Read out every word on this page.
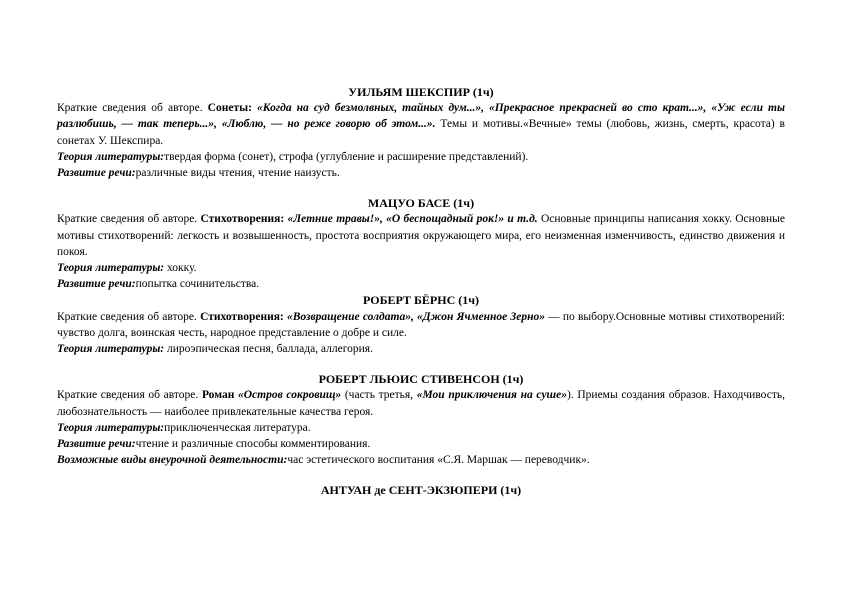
УИЛЬЯМ ШЕКСПИР (1ч)
Краткие сведения об авторе. Сонеты: «Когда на суд безмолвных, тайных дум...», «Прекрасное прекрасней во сто крат...», «Уж если ты разлюбишь, — так теперь...», «Люблю, — но реже говорю об этом...». Темы и мотивы.«Вечные» темы (любовь, жизнь, смерть, красота) в сонетах У. Шекспира.
Теория литературы:твердая форма (сонет), строфа (углубление и расширение представлений).
Развитие речи:различные виды чтения, чтение наизусть.
МАЦУО БАСЕ (1ч)
Краткие сведения об авторе. Стихотворения: «Летние травы!», «О беспощадный рок!» и т.д. Основные принципы написания хокку. Основные мотивы стихотворений: легкость и возвышенность, простота восприятия окружающего мира, его неизменная изменчивость, единство движения и покоя.
Теория литературы: хокку.
Развитие речи:попытка сочинительства.
РОБЕРТ БЁРНС (1ч)
Краткие сведения об авторе. Стихотворения: «Возвращение солдата», «Джон Ячменное Зерно» — по выбору.Основные мотивы стихотворений: чувство долга, воинская честь, народное представление о добре и силе.
Теория литературы: лироэпическая песня, баллада, аллегория.
РОБЕРТ ЛЬЮИС СТИВЕНСОН (1ч)
Краткие сведения об авторе. Роман «Остров сокровищ» (часть третья, «Мои приключения на суше»). Приемы создания образов. Находчивость, любознательность — наиболее привлекательные качества героя.
Теория литературы:приключенческая литература.
Развитие речи:чтение и различные способы комментирования.
Возможные виды внеурочной деятельности:час эстетического воспитания «С.Я. Маршак — переводчик».
АНТУАН де СЕНТ-ЭКЗЮПЕРИ (1ч)
